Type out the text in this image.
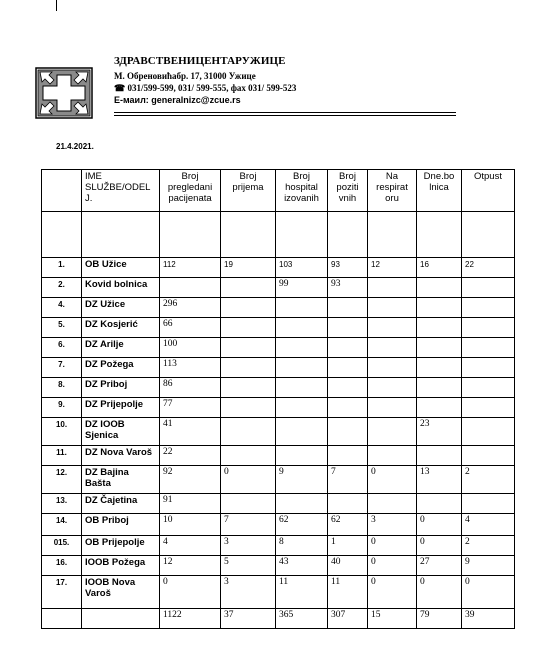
ЗДРАВСТВЕНИЦЕНТАРУЖИЦЕ
М. Обреновићабр. 17, 31000 Ужице
☎ 031/599-599, 031/ 599-555, фах 031/ 599-523
Е-маил: generalnizc@zcue.rs
21.4.2021.
	IME SLUŽBE/ODEL J.	Broj pregledani pacijenata	Broj prijema	Broj hospital izovanih	Broj poziti vnih	Na respirat oru	Dne.bo lnica	Otpust

1.	OB Užice	112	19	103	93	12	16	22
2.	Kovid bolnica			99	93			
4.	DZ Užice	296						
5.	DZ Kosjerić	66						
6.	DZ Arilje	100						
7.	DZ Požega	113						
8.	DZ Priboj	86						
9.	DZ Prijepolje	77						
10.	DZ IOOB Sjenica	41					23	
11.	DZ Nova Varoš	22						
12.	DZ Bajina Bašta	92	0	9	7	0	13	2
13.	DZ Čajetina	91						
14.	OB Priboj	10	7	62	62	3	0	4
015.	OB Prijepolje	4	3	8	1	0	0	2
16.	IOOB Požega	12	5	43	40	0	27	9
17.	IOOB Nova Varoš	0	3	11	11	0	0	0
		1122	37	365	307	15	79	39
